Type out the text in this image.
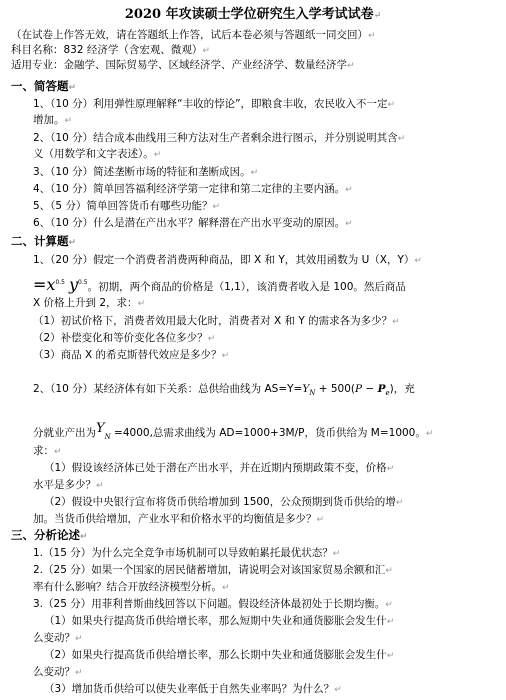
2020 年攻读硕士学位研究生入学考试试卷↵
（在试卷上作答无效，请在答题纸上作答，试后本卷必须与答题纸一同交回）↵
科目名称：832 经济学（含宏观、微观）↵
适用专业：金融学、国际贸易学、区域经济学、产业经济学、数量经济学↵
一、简答题↵
1、（10 分）利用弹性原理解释“丰收的悖论”，即粮食丰收，农民收入不一定↵
增加。↵
2、（10 分）结合成本曲线用三种方法对生产者剩余进行图示，并分别说明其含↵
义（用数学和文字表述）。↵
3、（10 分）简述垄断市场的特征和垄断成因。↵
4、（10 分）简单回答福利经济学第一定律和第二定律的主要内涵。↵
5、（5 分）简单回答货币有哪些功能？↵
6、（10 分）什么是潜在产出水平？解释潜在产出水平变动的原因。↵
二、计算题↵
1、（20 分）假定一个消费者消费两种商品，即 X 和 Y，其效用函数为 U（X，Y）↵
$=x^{0.5}$ $y^{0.5}$。初期，两个商品的价格是（1,1），该消费者收入是 100。然后商品
X 价格上升到 2，求：↵
（1）初试价格下，消费者效用最大化时，消费者对 X 和 Y 的需求各为多少？↵
（2）补偿变化和等价变化各位多少？↵
（3）商品 X 的希克斯替代效应是多少？↵
2、（10 分）某经济体有如下关系：总供给曲线为 $AS=Y=Y_N + 500(P - P_e)$，充
分就业产出为$Y_N =4000$,总需求曲线为 AD=1000+3M/P，货币供给为 M=1000。↵
求：↵
（1）假设该经济体已处于潜在产出水平，并在近期内预期政策不变，价格↵
水平是多少？↵
（2）假设中央银行宣布将货币供给增加到 1500，公众预期到货币供给的增↵
加。当货币供给增加，产业水平和价格水平的均衡值是多少？↵
三、分析论述↵
1.（15 分）为什么完全竞争市场机制可以导致帕累托最优状态？↵
2.（25 分）如果一个国家的居民储蓄增加，请说明会对该国家贸易余额和汇↵
率有什么影响？结合开放经济模型分析。↵
3.（25 分）用菲利普斯曲线回答以下问题。假设经济体最初处于长期均衡。↵
（1）如果央行提高货币供给增长率，那么短期中失业和通货膨胀会发生什↵
么变动？↵
（2）如果央行提高货币供给增长率，那么长期中失业和通货膨胀会发生什↵
么变动？↵
（3）增加货币供给可以使失业率低于自然失业率吗？为什么？↵
